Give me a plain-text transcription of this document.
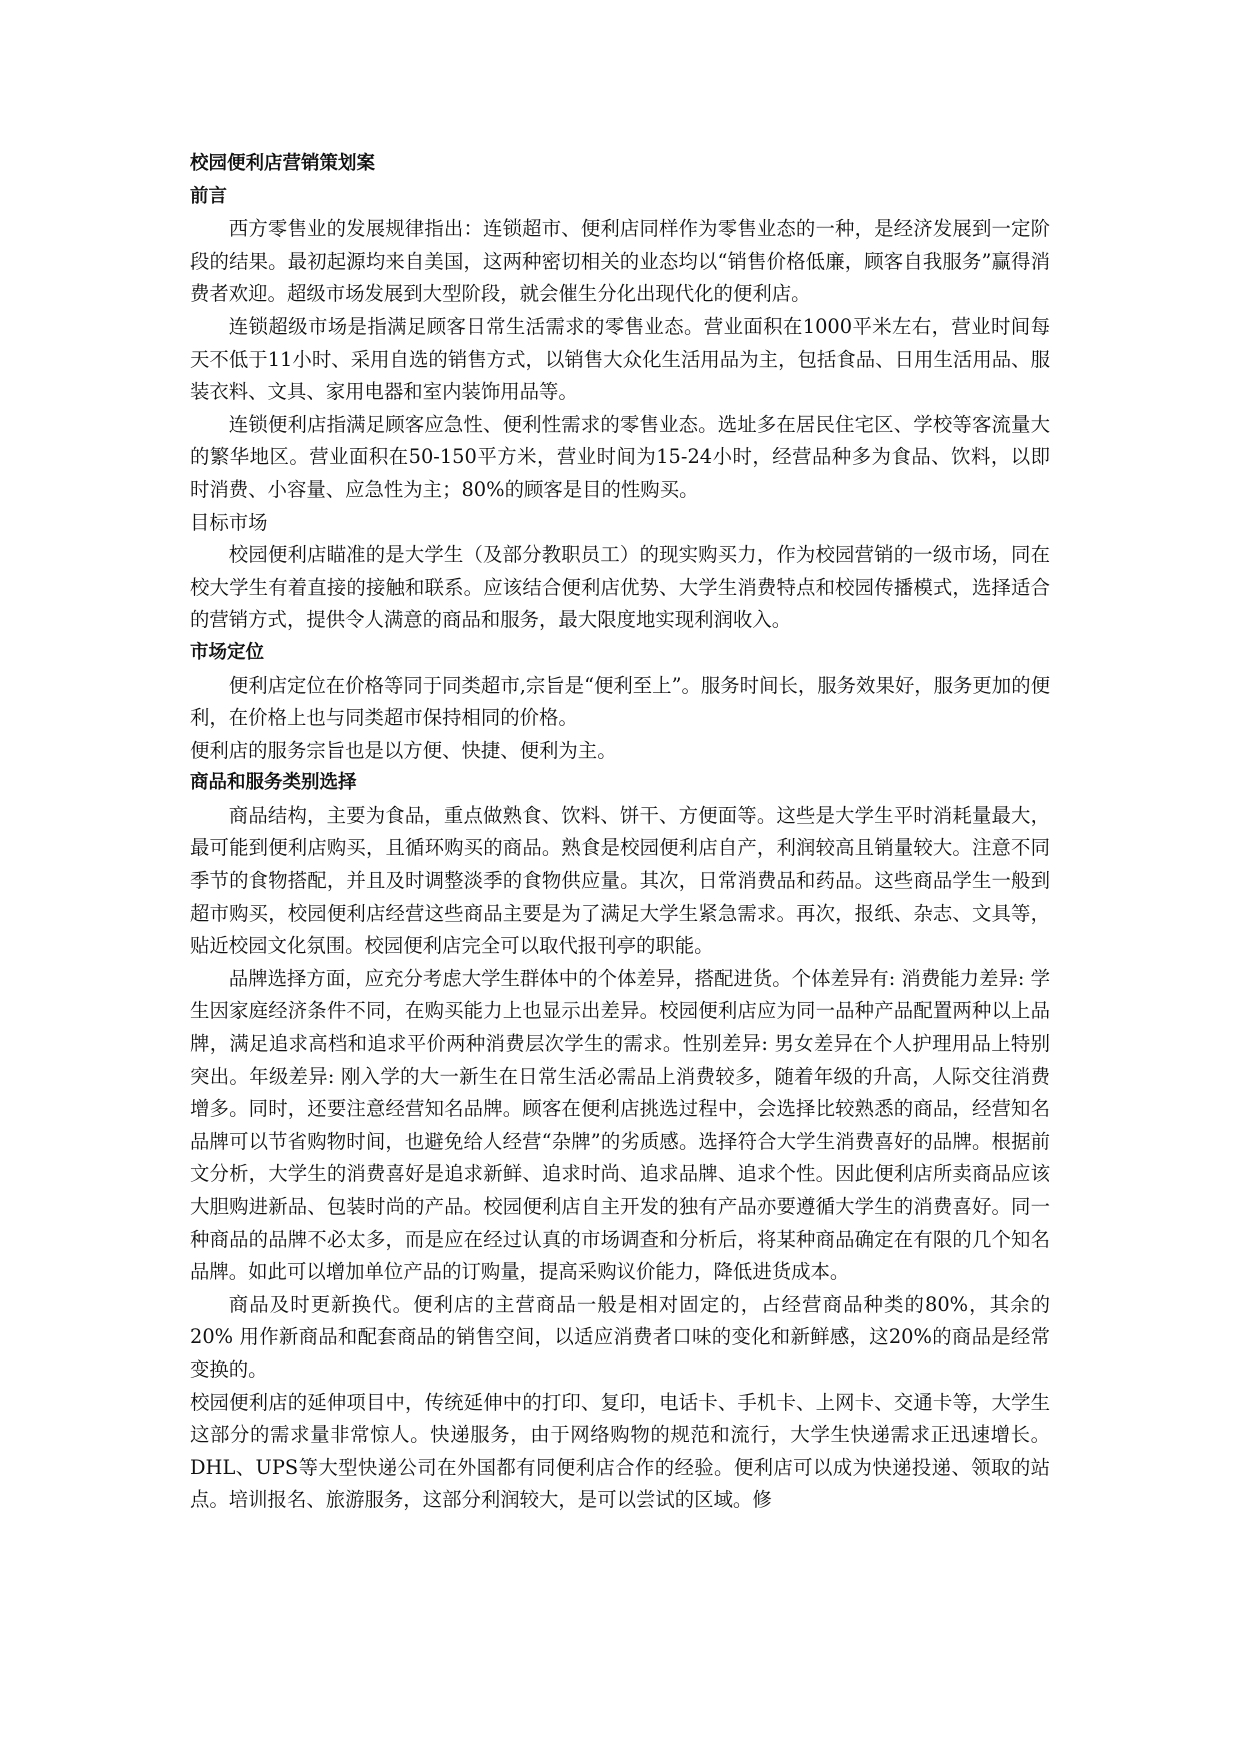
校园便利店营销策划案
前言

西方零售业的发展规律指出：连锁超市、便利店同样作为零售业态的一种，是经济发展到一定阶段的结果。最初起源均来自美国，这两种密切相关的业态均以“销售价格低廉，顾客自我服务”赢得消费者欢迎。超级市场发展到大型阶段，就会催生分化出现代化的便利店。

连锁超级市场是指满足顾客日常生活需求的零售业态。营业面积在1000平米左右，营业时间每天不低于11小时、采用自选的销售方式，以销售大众化生活用品为主，包括食品、日用生活用品、服装衣料、文具、家用电器和室内装饰用品等。

连锁便利店指满足顾客应急性、便利性需求的零售业态。选址多在居民住宅区、学校等客流量大的繁华地区。营业面积在50-150平方米，营业时间为15-24小时，经营品种多为食品、饮料，以即时消费、小容量、应急性为主；80%的顾客是目的性购买。

目标市场

校园便利店瞄准的是大学生（及部分教职员工）的现实购买力，作为校园营销的一级市场，同在校大学生有着直接的接触和联系。应该结合便利店优势、大学生消费特点和校园传播模式，选择适合的营销方式，提供令人满意的商品和服务，最大限度地实现利润收入。

市场定位

便利店定位在价格等同于同类超市,宗旨是“便利至上”。服务时间长，服务效果好，服务更加的便利，在价格上也与同类超市保持相同的价格。

便利店的服务宗旨也是以方便、快捷、便利为主。

商品和服务类别选择

商品结构，主要为食品，重点做熟食、饮料、饼干、方便面等。这些是大学生平时消耗量最大，最可能到便利店购买，且循环购买的商品。熟食是校园便利店自产，利润较高且销量较大。注意不同季节的食物搭配，并且及时调整淡季的食物供应量。其次，日常消费品和药品。这些商品学生一般到超市购买，校园便利店经营这些商品主要是为了满足大学生紧急需求。再次，报纸、杂志、文具等，贴近校园文化氛围。校园便利店完全可以取代报刊亭的职能。

品牌选择方面，应充分考虑大学生群体中的个体差异，搭配进货。个体差异有: 消费能力差异: 学生因家庭经济条件不同，在购买能力上也显示出差异。校园便利店应为同一品种产品配置两种以上品牌，满足追求高档和追求平价两种消费层次学生的需求。性别差异: 男女差异在个人护理用品上特别突出。年级差异: 刚入学的大一新生在日常生活必需品上消费较多，随着年级的升高，人际交往消费增多。同时，还要注意经营知名品牌。顾客在便利店挑选过程中，会选择比较熟悉的商品，经营知名品牌可以节省购物时间，也避免给人经营“杂牌”的劣质感。选择符合大学生消费喜好的品牌。根据前文分析，大学生的消费喜好是追求新鲜、追求时尚、追求品牌、追求个性。因此便利店所卖商品应该大胆购进新品、包装时尚的产品。校园便利店自主开发的独有产品亦要遵循大学生的消费喜好。同一种商品的品牌不必太多，而是应在经过认真的市场调查和分析后，将某种商品确定在有限的几个知名品牌。如此可以增加单位产品的订购量，提高采购议价能力，降低进货成本。

商品及时更新换代。便利店的主营商品一般是相对固定的，占经营商品种类的80%，其余的20% 用作新商品和配套商品的销售空间，以适应消费者口味的变化和新鲜感，这20%的商品是经常变换的。

校园便利店的延伸项目中，传统延伸中的打印、复印，电话卡、手机卡、上网卡、交通卡等，大学生这部分的需求量非常惊人。快递服务，由于网络购物的规范和流行，大学生快递需求正迅速增长。DHL、UPS等大型快递公司在外国都有同便利店合作的经验。便利店可以成为快递投递、领取的站点。培训报名、旅游服务，这部分利润较大，是可以尝试的区域。修
